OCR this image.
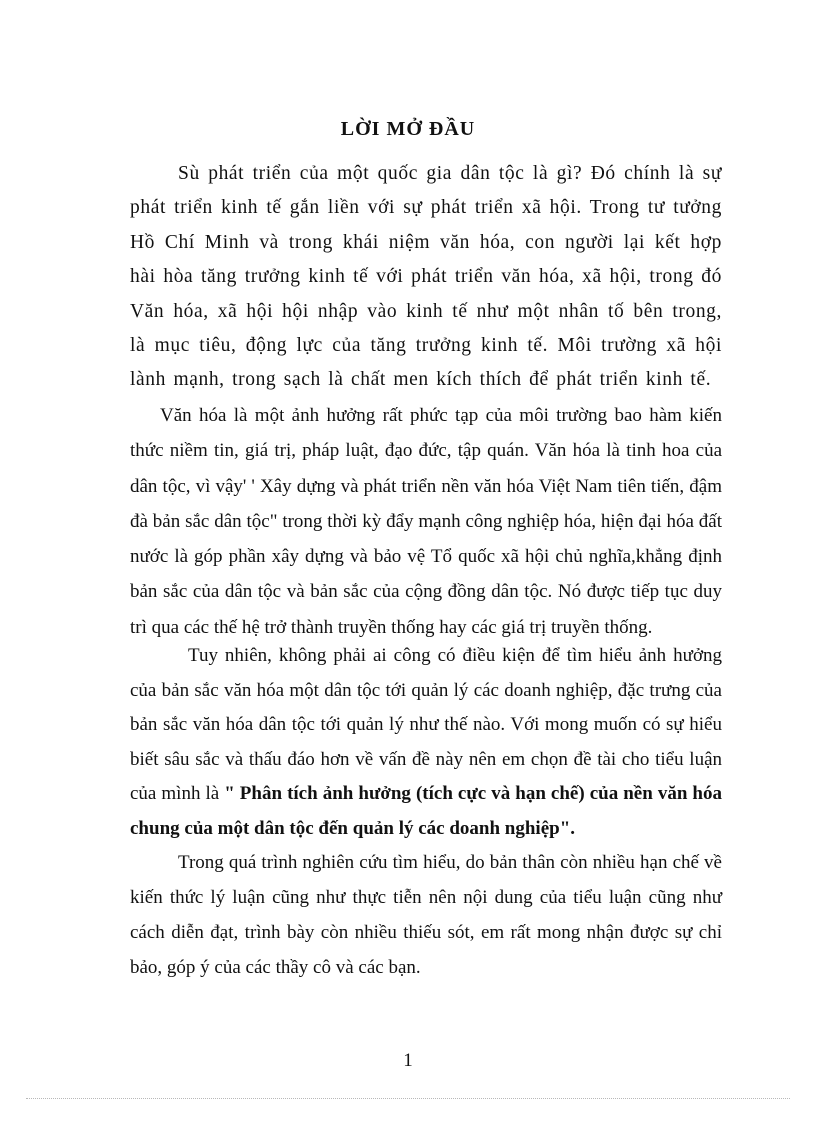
LỜI MỞ ĐẦU

Sù phát triển của một quốc gia dân tộc là gì? Đó chính là sự phát triển kinh tế gắn liền với sự phát triển xã hội. Trong tư tưởng Hồ Chí Minh và trong khái niệm văn hóa, con người lại kết hợp hài hòa tăng trưởng kinh tế với phát triển văn hóa, xã hội, trong đó Văn hóa, xã hội hội nhập vào kinh tế như một nhân tố bên trong, là mục tiêu, động lực của tăng trưởng kinh tế. Môi trường xã hội lành mạnh, trong sạch là chất men kích thích để phát triển kinh tế.

Văn hóa là một ảnh hưởng rất phức tạp của môi trường bao hàm kiến thức niềm tin, giá trị, pháp luật, đạo đức, tập quán. Văn hóa là tinh hoa của dân tộc, vì vậy' ' Xây dựng và phát triển nền văn hóa Việt Nam tiên tiến, đậm đà bản sắc dân tộc" trong thời kỳ đẩy mạnh công nghiệp hóa, hiện đại hóa đất nước là góp phần xây dựng và bảo vệ Tổ quốc xã hội chủ nghĩa,khẳng định bản sắc của dân tộc và bản sắc của cộng đồng dân tộc. Nó được tiếp tục duy trì qua các thế hệ trở thành truyền thống hay các giá trị truyền thống.

Tuy nhiên, không phải ai công có điều kiện để tìm hiểu ảnh hưởng của bản sắc văn hóa một dân tộc tới quản lý các doanh nghiệp, đặc trưng của bản sắc văn hóa dân tộc tới quản lý như thế nào. Với mong muốn có sự hiểu biết sâu sắc và thấu đáo hơn về vấn đề này nên em chọn đề tài cho tiểu luận của mình là " Phân tích ảnh hưởng (tích cực và hạn chế) của nền văn hóa chung của một dân tộc đến quản lý các doanh nghiệp".

Trong quá trình nghiên cứu tìm hiểu, do bản thân còn nhiều hạn chế về kiến thức lý luận cũng như thực tiễn nên nội dung của tiểu luận cũng như cách diễn đạt, trình bày còn nhiều thiếu sót, em rất mong nhận được sự chỉ bảo, góp ý của các thầy cô và các bạn.

1
